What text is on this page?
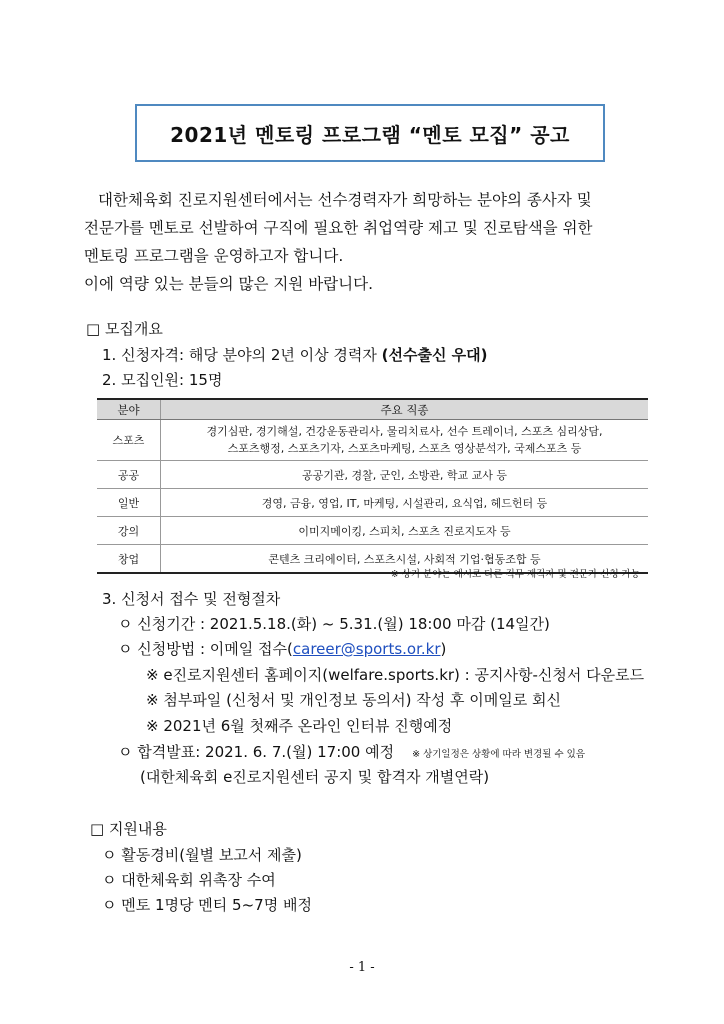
2021년 멘토링 프로그램 “멘토 모집” 공고
대한체육회 진로지원센터에서는 선수경력자가 희망하는 분야의 종사자 및
전문가를 멘토로 선발하여 구직에 필요한 취업역량 제고 및 진로탐색을 위한
멘토링 프로그램을 운영하고자 합니다.
이에 역량 있는 분들의 많은 지원 바랍니다.
□ 모집개요
1. 신청자격: 해당 분야의 2년 이상 경력자 (선수출신 우대)
2. 모집인원: 15명
분야	주요 직종
스포츠	경기심판, 경기해설, 건강운동관리사, 물리치료사, 선수 트레이너, 스포츠 심리상담,
스포츠행정, 스포츠기자, 스포츠마케팅, 스포츠 영상분석가, 국제스포츠 등

공공	공공기관, 경찰, 군인, 소방관, 학교 교사 등
일반	경영, 금융, 영업, IT, 마케팅, 시설관리, 요식업, 헤드헌터 등
강의	이미지메이킹, 스피치, 스포츠 진로지도자 등
창업	콘텐츠 크리에이터, 스포츠시설, 사회적 기업·협동조합 등
※ 상기 분야는 예시로 다른 직무 재직자 및 전문가 신청 가능
3. 신청서 접수 및 전형절차
ㅇ 신청기간 : 2021.5.18.(화) ~ 5.31.(월) 18:00 마감 (14일간)
ㅇ 신청방법 : 이메일 접수(career@sports.or.kr)
※ e진로지원센터 홈페이지(welfare.sports.kr) : 공지사항-신청서 다운로드
※ 첨부파일 (신청서 및 개인정보 동의서) 작성 후 이메일로 회신
※ 2021년 6월 첫째주 온라인 인터뷰 진행예정
ㅇ 합격발표: 2021. 6. 7.(월) 17:00 예정 ※ 상기일정은 상황에 따라 변경될 수 있음
(대한체육회 e진로지원센터 공지 및 합격자 개별연락)
□ 지원내용
ㅇ 활동경비(월별 보고서 제출)
ㅇ 대한체육회 위촉장 수여
ㅇ 멘토 1명당 멘티 5~7명 배정
- 1 -
